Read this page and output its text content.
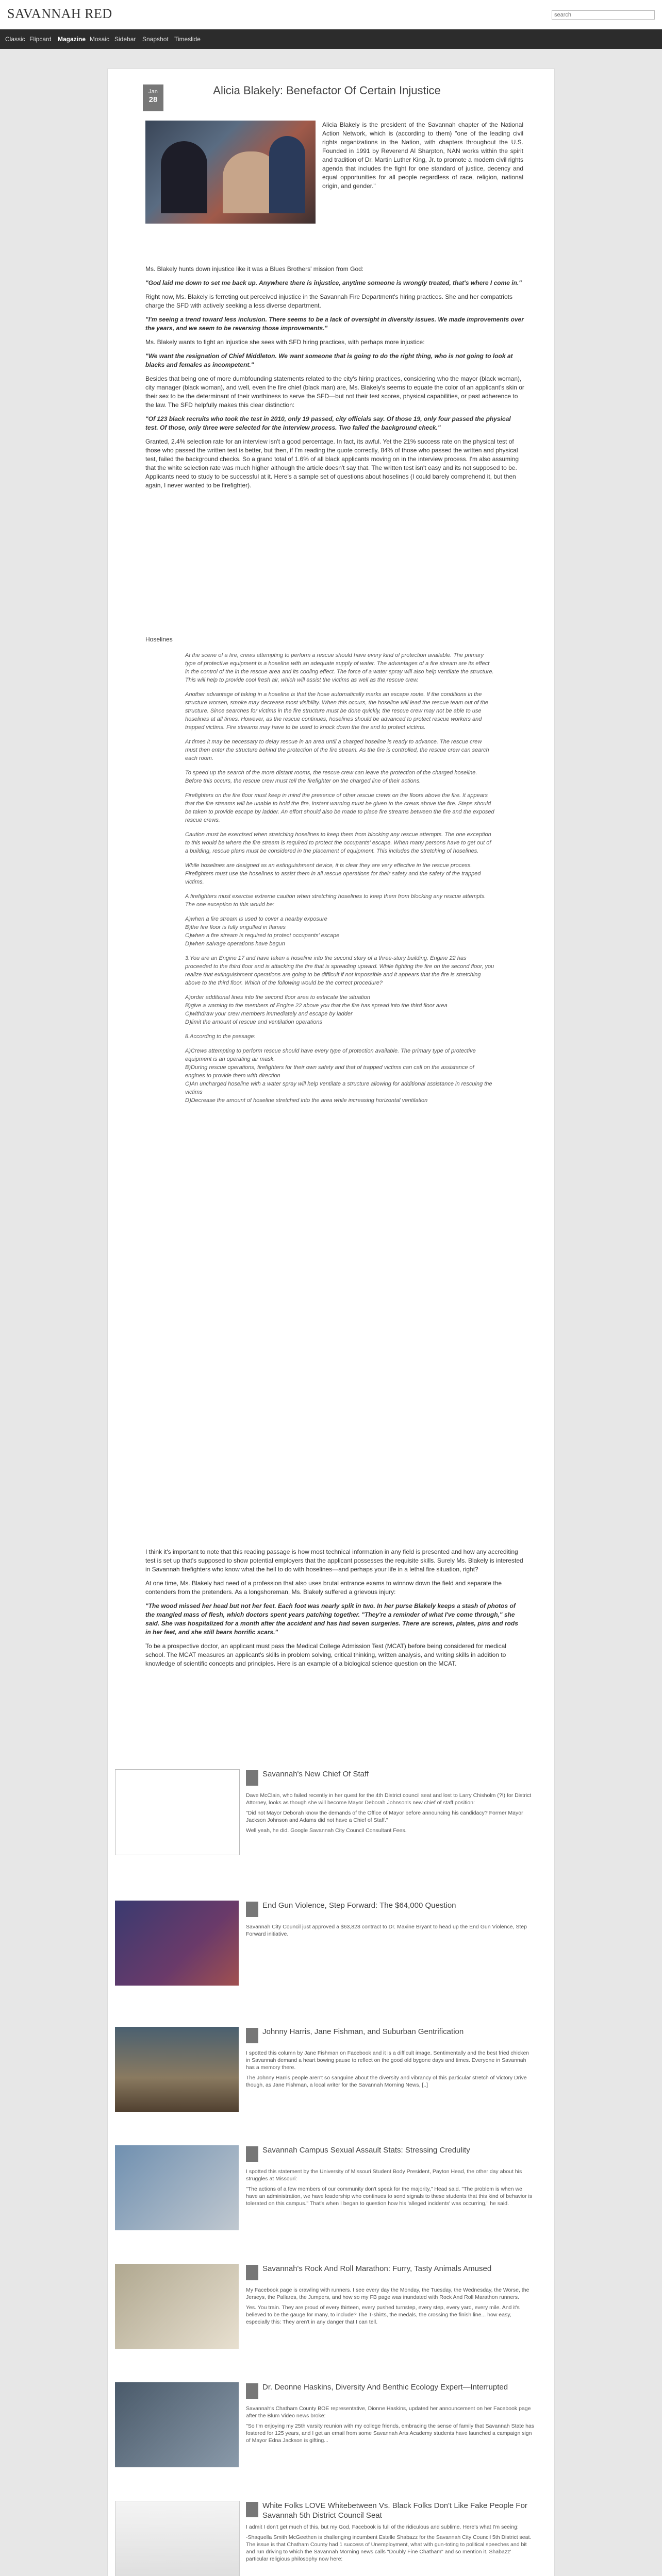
SAVANNAH RED
search
Classic Flipcard Magazine Mosaic Sidebar Snapshot Timeslide
Jan
28
Alicia Blakely: Benefactor Of Certain Injustice
Alicia Blakely is the president of the Savannah chapter of the National Action Network, which is (according to them) "one of the leading civil rights organizations in the Nation, with chapters throughout the U.S. Founded in 1991 by Reverend Al Sharpton, NAN works within the spirit and tradition of Dr. Martin Luther King, Jr. to promote a modern civil rights agenda that includes the fight for one standard of justice, decency and equal opportunities for all people regardless of race, religion, national origin, and gender."

Ms. Blakely hunts down injustice like it was a Blues Brothers' mission from God:

"God laid me down to set me back up. Anywhere there is injustice, anytime someone is wrongly treated, that's where I come in."

Right now, Ms. Blakely is ferreting out perceived injustice in the Savannah Fire Department's hiring practices. She and her compatriots charge the SFD with actively seeking a less diverse department.

"I'm seeing a trend toward less inclusion. There seems to be a lack of oversight in diversity issues. We made improvements over the years, and we seem to be reversing those improvements."

Ms. Blakely wants to fight an injustice she sees with SFD hiring practices, with perhaps more injustice:

"We want the resignation of Chief Middleton. We want someone that is going to do the right thing, who is not going to look at blacks and females as incompetent."

Besides that being one of more dumbfounding statements related to the city's hiring practices, considering who the mayor (black woman), city manager (black woman), and well, even the fire chief (black man) are, Ms. Blakely's seems to equate the color of an applicant's skin or their sex to be the determinant of their worthiness to serve the SFD—but not their test scores, physical capabilities, or past adherence to the law. The SFD helpfully makes this clear distinction:

"Of 123 black recruits who took the test in 2010, only 19 passed, city officials say. Of those 19, only four passed the physical test. Of those, only three were selected for the interview process. Two failed the background check."

Granted, 2.4% selection rate for an interview isn't a good percentage. In fact, its awful. Yet the 21% success rate on the physical test of those who passed the written test is better, but then, if I'm reading the quote correctly, 84% of those who passed the written and physical test, failed the background checks. So a grand total of 1.6% of all black applicants moving on in the interview process. I'm also assuming that the white selection rate was much higher although the article doesn't say that. The written test isn't easy and its not supposed to be. Applicants need to study to be successful at it. Here's a sample set of questions about hoselines (I could barely comprehend it, but then again, I never wanted to be firefighter).

Hoselines

At the scene of a fire, crews attempting to perform a rescue should have every kind of protection available. The primary type of protective equipment is a hoseline with an adequate supply of water. The advantages of a fire stream are its effect in the control of the in the rescue area and its cooling effect. The force of a water spray will also help ventilate the structure. This will help to provide cool fresh air, which will assist the victims as well as the rescue crew.

Another advantage of taking in a hoseline is that the hose automatically marks an escape route. If the conditions in the structure worsen, smoke may decrease most visibility. When this occurs, the hoseline will lead the rescue team out of the structure. Since searches for victims in the fire structure must be done quickly, the rescue crew may not be able to use hoselines at all times. However, as the rescue continues, hoselines should be advanced to protect rescue workers and trapped victims. Fire streams may have to be used to knock down the fire and to protect victims.

At times it may be necessary to delay rescue in an area until a charged hoseline is ready to advance. The rescue crew must then enter the structure behind the protection of the fire stream. As the fire is controlled, the rescue crew can search each room.

To speed up the search of the more distant rooms, the rescue crew can leave the protection of the charged hoseline. Before this occurs, the rescue crew must tell the firefighter on the charged line of their actions.

Firefighters on the fire floor must keep in mind the presence of other rescue crews on the floors above the fire. It appears that the fire streams will be unable to hold the fire, instant warning must be given to the crews above the fire. Steps should be taken to provide escape by ladder. An effort should also be made to place fire streams between the fire and the exposed rescue crews.

Caution must be exercised when stretching hoselines to keep them from blocking any rescue attempts. The one exception to this would be where the fire stream is required to protect the occupants' escape. When many persons have to get out of a building, rescue plans must be considered in the placement of equipment. This includes the stretching of hoselines.

While hoselines are designed as an extinguishment device, it is clear they are very effective in the rescue process. Firefighters must use the hoselines to assist them in all rescue operations for their safety and the safety of the trapped victims.

A firefighters must exercise extreme caution when stretching hoselines to keep them from blocking any rescue attempts. The one exception to this would be:

A)when a fire stream is used to cover a nearby exposure
B)the fire floor is fully engulfed in flames
C)when a fire stream is required to protect occupants' escape
D)when salvage operations have begun

3.You are an Engine 17 and have taken a hoseline into the second story of a three-story building. Engine 22 has proceeded to the third floor and is attacking the fire that is spreading upward. While fighting the fire on the second floor, you realize that extinguishment operations are going to be difficult if not impossible and it appears that the fire is stretching above to the third floor. Which of the following would be the correct procedure?

A)order additional lines into the second floor area to extricate the situation
B)give a warning to the members of Engine 22 above you that the fire has spread into the third floor area
C)withdraw your crew members immediately and escape by ladder
D)limit the amount of rescue and ventilation operations

8.According to the passage:

A)Crews attempting to perform rescue should have every type of protection available. The primary type of protective equipment is an operating air mask.
B)During rescue operations, firefighters for their own safety and that of trapped victims can call on the assistance of engines to provide them with direction
C)An uncharged hoseline with a water spray will help ventilate a structure allowing for additional assistance in rescuing the victims
D)Decrease the amount of hoseline stretched into the area while increasing horizontal ventilation

I think it's important to note that this reading passage is how most technical information in any field is presented and how any accrediting test is set up that's supposed to show potential employers that the applicant possesses the requisite skills. Surely Ms. Blakely is interested in Savannah firefighters who know what the hell to do with hoselines—and perhaps your life in a lethal fire situation, right?

At one time, Ms. Blakely had need of a profession that also uses brutal entrance exams to winnow down the field and separate the contenders from the pretenders. As a longshoreman, Ms. Blakely suffered a grievous injury:

"The wood missed her head but not her feet. Each foot was nearly split in two. In her purse Blakely keeps a stash of photos of the mangled mass of flesh, which doctors spent years patching together. "They're a reminder of what I've come through," she said. She was hospitalized for a month after the accident and has had seven surgeries. There are screws, plates, pins and rods in her feet, and she still bears horrific scars."

To be a prospective doctor, an applicant must pass the Medical College Admission Test (MCAT) before being considered for medical school. The MCAT measures an applicant's skills in problem solving, critical thinking, written analysis, and writing skills in addition to knowledge of scientific concepts and principles. Here is an example of a biological science question on the MCAT.

Savannah's New Chief Of Staff

Dave McClain, who failed recently in her quest for the 4th District council seat and lost to Larry Chisholm (?!) for District Attorney, looks as though she will become Mayor Deborah Johnson's new chief of staff position:

"Did not Mayor Deborah know the demands of the Office of Mayor before announcing his candidacy? Former Mayor Jackson Johnson and Adams did not have a Chief of Staff."

Well yeah, he did. Google Savannah City Council Consultant Fees.

End Gun Violence, Step Forward: The $64,000 Question

Savannah City Council just approved a $63,828 contract to Dr. Maxine Bryant to head up the End Gun Violence, Step Forward initiative.

Johnny Harris, Jane Fishman, and Suburban Gentrification

I spotted this column by Jane Fishman on Facebook and it is a difficult image. Sentimentally and the best fried chicken in Savannah demand a heart bowing pause to reflect on the good old bygone days and times. Everyone in Savannah has a memory there.

The Johnny Harris people aren't so sanguine about the diversity and vibrancy of this particular stretch of Victory Drive though, as Jane Fishman, a local writer for the Savannah Morning News, [..]

Savannah Campus Sexual Assault Stats: Stressing Credulity

I spotted this statement by the University of Missouri Student Body President, Payton Head, the other day about his struggles at Missouri:

"The actions of a few members of our community don't speak for the majority," Head said. "The problem is when we have an administration, we have leadership who continues to send signals to these students that this kind of behavior is tolerated on this campus." That's when I began to question how his 'alleged incidents' was occurring," he said.

Savannah's Rock And Roll Marathon: Furry, Tasty Animals Amused

My Facebook page is crawling with runners. I see every day the Monday, the Tuesday, the Wednesday, the Worse, the Jerseys, the Pallares, the Jumpers, and how so my FB page was inundated with Rock And Roll Marathon runners.

Yes. You train. They are proud of every thirteen, every pushed turnstep, every step, every yard, every mile. And it's believed to be the gauge for many, to include? The T-shirts, the medals, the crossing the finish line... how easy, especially this: They aren't in any danger that I can tell.

Dr. Deonne Haskins, Diversity And Benthic Ecology Expert—Interrupted

Savannah's Chatham County BOE representative, Dionne Haskins, updated her announcement on her Facebook page after the Blum Video news broke:

"So I'm enjoying my 25th varsity reunion with my college friends, embracing the sense of family that Savannah State has fostered for 125 years, and I get an email from some Savannah Arts Academy students have launched a campaign sign of Mayor Edna Jackson is gifting...

White Folks LOVE Whitebetween Vs. Black Folks Don't Like Fake People For Savannah 5th District Council Seat

I admit I don't get much of this, but my God, Facebook is full of the ridiculous and sublime. Here's what I'm seeing:

-Shaquella Smith McGeethen is challenging incumbent Estelle Shabazz for the Savannah City Council 5th District seat. The issue is that Chatham County had 1 success of Unemployment, what with gun-toting to political speeches and bit and run driving to which the Savannah Morning news calls "Doubly Fine Chatham" and so mention it. Shabazz' particular religious philosophy now here:
